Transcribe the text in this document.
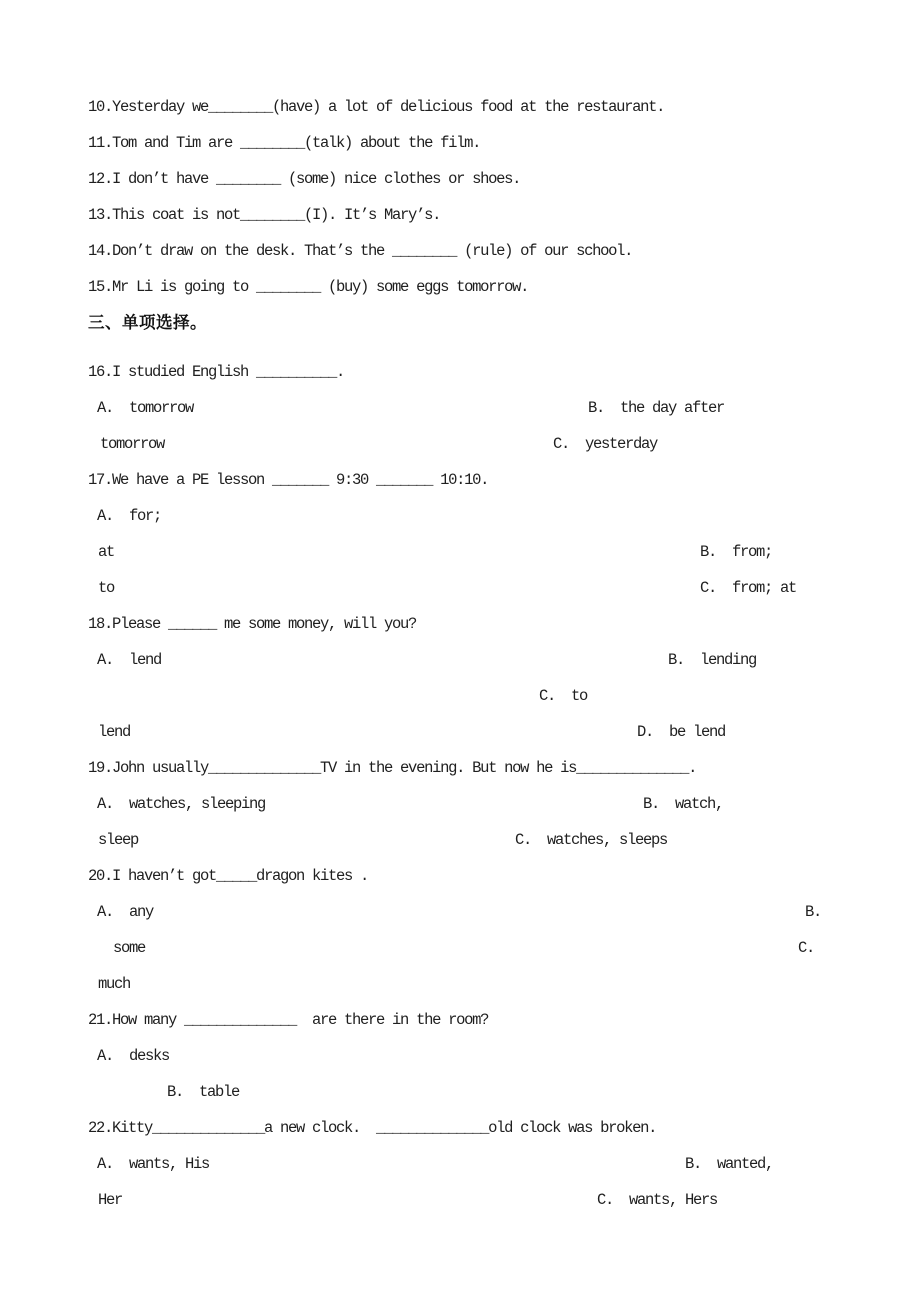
10.Yesterday we________(have) a lot of delicious food at the restaurant.
11.Tom and Tim are ________(talk) about the film.
12.I don’t have ________ (some) nice clothes or shoes.
13.This coat is not________(I). It’s Mary’s.
14.Don’t draw on the desk. That’s the ________ (rule) of our school.
15.Mr Li is going to ________ (buy) some eggs tomorrow.
三、单项选择。
16.I studied English __________.
A.  tomorrow	B.  the day after
tomorrow	C.  yesterday
17.We have a PE lesson _______ 9:30 _______ 10:10.
A.  for;
at	B.  from;
to	C.  from; at
18.Please ______ me some money, will you?
A.  lend	B.  lending
C.  to
lend	D.  be lend
19.John usually______________TV in the evening. But now he is______________.
A.  watches, sleeping	B.  watch,
sleep	C.  watches, sleeps
20.I haven’t got_____dragon kites .
A.  any	B.
some	C.
much
21.How many ______________  are there in the room?
A.  desks
B.  table
22.Kitty______________a new clock.  ______________old clock was broken.
A.  wants, His	B.  wanted,
Her	C.  wants, Hers
